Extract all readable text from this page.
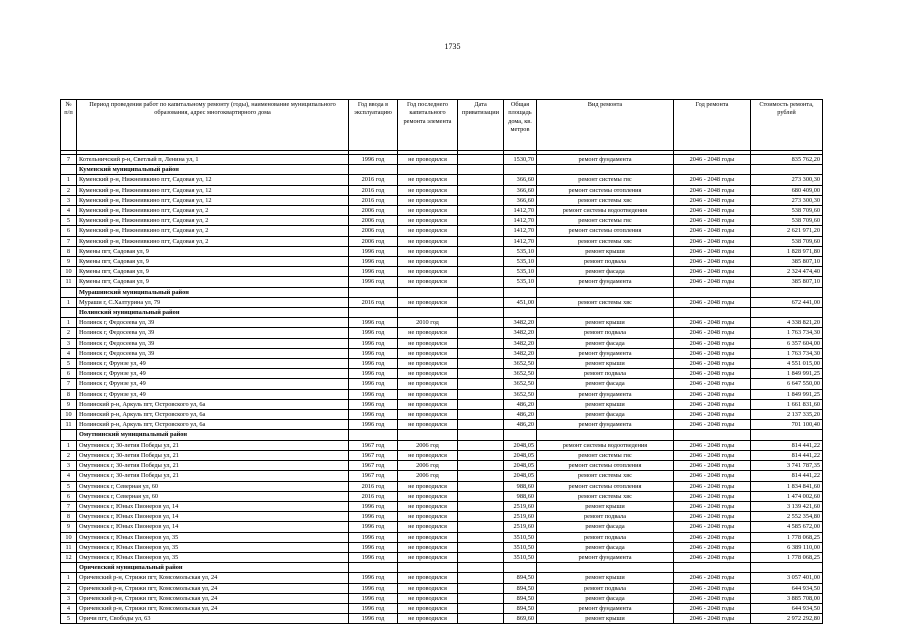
1735
№ п/п	Период проведения работ по капитальному ремонту (годы), наименование муниципального образования, адрес многоквартирного дома	Год ввода в эксплуатацию	Год последнего капитального ремонта элемента	Дата приватизации	Общая площадь дома, кв. метров	Вид ремонта	Год ремонта	Стоимость ремонта, рублей

7	Котельничский р-н, Светлый п, Ленина ул, 1	1996 год	не проводился		1530,70	ремонт фундамента	2046 - 2048 годы	835 762,20
	Куменский муниципальный район							
1	Куменский р-н, Нижнеивкино пгт, Садовая ул, 12	2016 год	не проводился		366,60	ремонт системы гвс	2046 - 2048 годы	273 300,30
2	Куменский р-н, Нижнеивкино пгт, Садовая ул, 12	2016 год	не проводился		366,60	ремонт системы отопления	2046 - 2048 годы	680 409,00
3	Куменский р-н, Нижнеивкино пгт, Садовая ул, 12	2016 год	не проводился		366,60	ремонт системы хвс	2046 - 2048 годы	273 300,30
4	Куменский р-н, Нижнеивкино пгт, Садовая ул, 2	2006 год	не проводился		1412,70	ремонт системы водоотведения	2046 - 2048 годы	538 709,60
5	Куменский р-н, Нижнеивкино пгт, Садовая ул, 2	2006 год	не проводился		1412,70	ремонт системы гвс	2046 - 2048 годы	538 709,60
6	Куменский р-н, Нижнеивкино пгт, Садовая ул, 2	2006 год	не проводился		1412,70	ремонт системы отопления	2046 - 2048 годы	2 621 971,20
7	Куменский р-н, Нижнеивкино пгт, Садовая ул, 2	2006 год	не проводился		1412,70	ремонт системы хвс	2046 - 2048 годы	538 709,60
8	Кумены пгт, Садовая ул, 9	1996 год	не проводился		535,10	ремонт крыши	2046 - 2048 годы	1 828 971,80
9	Кумены пгт, Садовая ул, 9	1996 год	не проводился		535,10	ремонт подвала	2046 - 2048 годы	385 807,10
10	Кумены пгт, Садовая ул, 9	1996 год	не проводился		535,10	ремонт фасада	2046 - 2048 годы	2 324 474,40
11	Кумены пгт, Садовая ул, 9	1996 год	не проводился		535,10	ремонт фундамента	2046 - 2048 годы	385 807,10
	Мурашинский муниципальный район							
1	Мураши г, С.Халтурина ул, 79	2016 год	не проводился		451,00	ремонт системы хвс	2046 - 2048 годы	672 441,00
	Нолинский муниципальный район							
1	Нолинск г, Федосеева ул, 39	1996 год	2010 год		3482,20	ремонт крыши	2046 - 2048 годы	4 338 821,20
2	Нолинск г, Федосеева ул, 39	1996 год	не проводился		3482,20	ремонт подвала	2046 - 2048 годы	1 763 734,30
3	Нолинск г, Федосеева ул, 39	1996 год	не проводился		3482,20	ремонт фасада	2046 - 2048 годы	6 357 604,00
4	Нолинск г, Федосеева ул, 39	1996 год	не проводился		3482,20	ремонт фундамента	2046 - 2048 годы	1 763 734,30
5	Нолинск г, Фрунзе ул, 49	1996 год	не проводился		3652,50	ремонт крыши	2046 - 2048 годы	4 551 015,00
6	Нолинск г, Фрунзе ул, 49	1996 год	не проводился		3652,50	ремонт подвала	2046 - 2048 годы	1 849 991,25
7	Нолинск г, Фрунзе ул, 49	1996 год	не проводился		3652,50	ремонт фасада	2046 - 2048 годы	6 647 550,00
8	Нолинск г, Фрунзе ул, 49	1996 год	не проводился		3652,50	ремонт фундамента	2046 - 2048 годы	1 849 991,25
9	Нолинский р-н, Аркуль пгт, Островского ул, 6а	1996 год	не проводился		486,20	ремонт крыши	2046 - 2048 годы	1 661 831,60
10	Нолинский р-н, Аркуль пгт, Островского ул, 6а	1996 год	не проводился		486,20	ремонт фасада	2046 - 2048 годы	2 137 335,20
11	Нолинский р-н, Аркуль пгт, Островского ул, 6а	1996 год	не проводился		486,20	ремонт фундамента	2046 - 2048 годы	701 100,40
	Омутнинский муниципальный район							
1	Омутнинск г, 30-летия Победы ул, 21	1967 год	2006 год		2048,05	ремонт системы водоотведения	2046 - 2048 годы	814 441,22
2	Омутнинск г, 30-летия Победы ул, 21	1967 год	не проводился		2048,05	ремонт системы гвс	2046 - 2048 годы	814 441,22
3	Омутнинск г, 30-летия Победы ул, 21	1967 год	2006 год		2048,05	ремонт системы отопления	2046 - 2048 годы	3 741 787,35
4	Омутнинск г, 30-летия Победы ул, 21	1967 год	2006 год		2048,05	ремонт системы хвс	2046 - 2048 годы	814 441,22
5	Омутнинск г, Северная ул, 60	2016 год	не проводился		988,60	ремонт системы отопления	2046 - 2048 годы	1 834 841,60
6	Омутнинск г, Северная ул, 60	2016 год	не проводился		988,60	ремонт системы хвс	2046 - 2048 годы	1 474 002,60
7	Омутнинск г, Юных Пионеров ул, 14	1996 год	не проводился		2519,60	ремонт крыши	2046 - 2048 годы	3 139 421,60
8	Омутнинск г, Юных Пионеров ул, 14	1996 год	не проводился		2519,60	ремонт подвала	2046 - 2048 годы	2 552 354,80
9	Омутнинск г, Юных Пионеров ул, 14	1996 год	не проводился		2519,60	ремонт фасада	2046 - 2048 годы	4 585 672,00
10	Омутнинск г, Юных Пионеров ул, 35	1996 год	не проводился		3510,50	ремонт подвала	2046 - 2048 годы	1 778 068,25
11	Омутнинск г, Юных Пионеров ул, 35	1996 год	не проводился		3510,50	ремонт фасада	2046 - 2048 годы	6 389 110,00
12	Омутнинск г, Юных Пионеров ул, 35	1996 год	не проводился		3510,50	ремонт фундамента	2046 - 2048 годы	1 778 068,25
	Оричевский муниципальный район							
1	Оричевский р-н, Стрижи пгт, Комсомольская ул, 24	1996 год	не проводился		894,50	ремонт крыши	2046 - 2048 годы	3 057 401,00
2	Оричевский р-н, Стрижи пгт, Комсомольская ул, 24	1996 год	не проводился		894,50	ремонт подвала	2046 - 2048 годы	644 934,50
3	Оричевский р-н, Стрижи пгт, Комсомольская ул, 24	1996 год	не проводился		894,50	ремонт фасада	2046 - 2048 годы	3 885 708,00
4	Оричевский р-н, Стрижи пгт, Комсомольская ул, 24	1996 год	не проводился		894,50	ремонт фундамента	2046 - 2048 годы	644 934,50
5	Оричи пгт, Свободы ул, 63	1996 год	не проводился		869,60	ремонт крыши	2046 - 2048 годы	2 972 292,80
